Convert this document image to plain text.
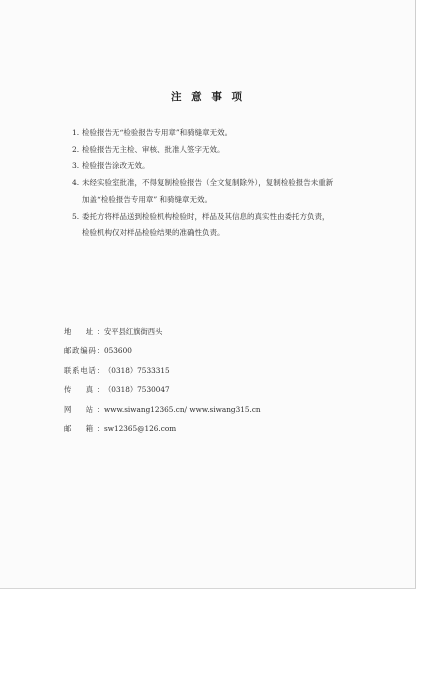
注 意 事 项
1. 检验报告无“检验报告专用章”和骑缝章无效。
2. 检验报告无主检、审核、批准人签字无效。
3. 检验报告涂改无效。
4. 未经实验室批准，不得复制检验报告（全文复制除外），复制检验报告未重新
加盖“检验报告专用章” 和骑缝章无效。
5. 委托方将样品送到检验机构检验时，样品及其信息的真实性由委托方负责，
检验机构仅对样品检验结果的准确性负责。
地　址： 安平县红旗街西头
邮政编码： 053600
联系电话： （0318）7533315
传　真： （0318）7530047
网　站： www.siwang12365.cn/ www.siwang315.cn
邮　箱： sw12365@126.com
